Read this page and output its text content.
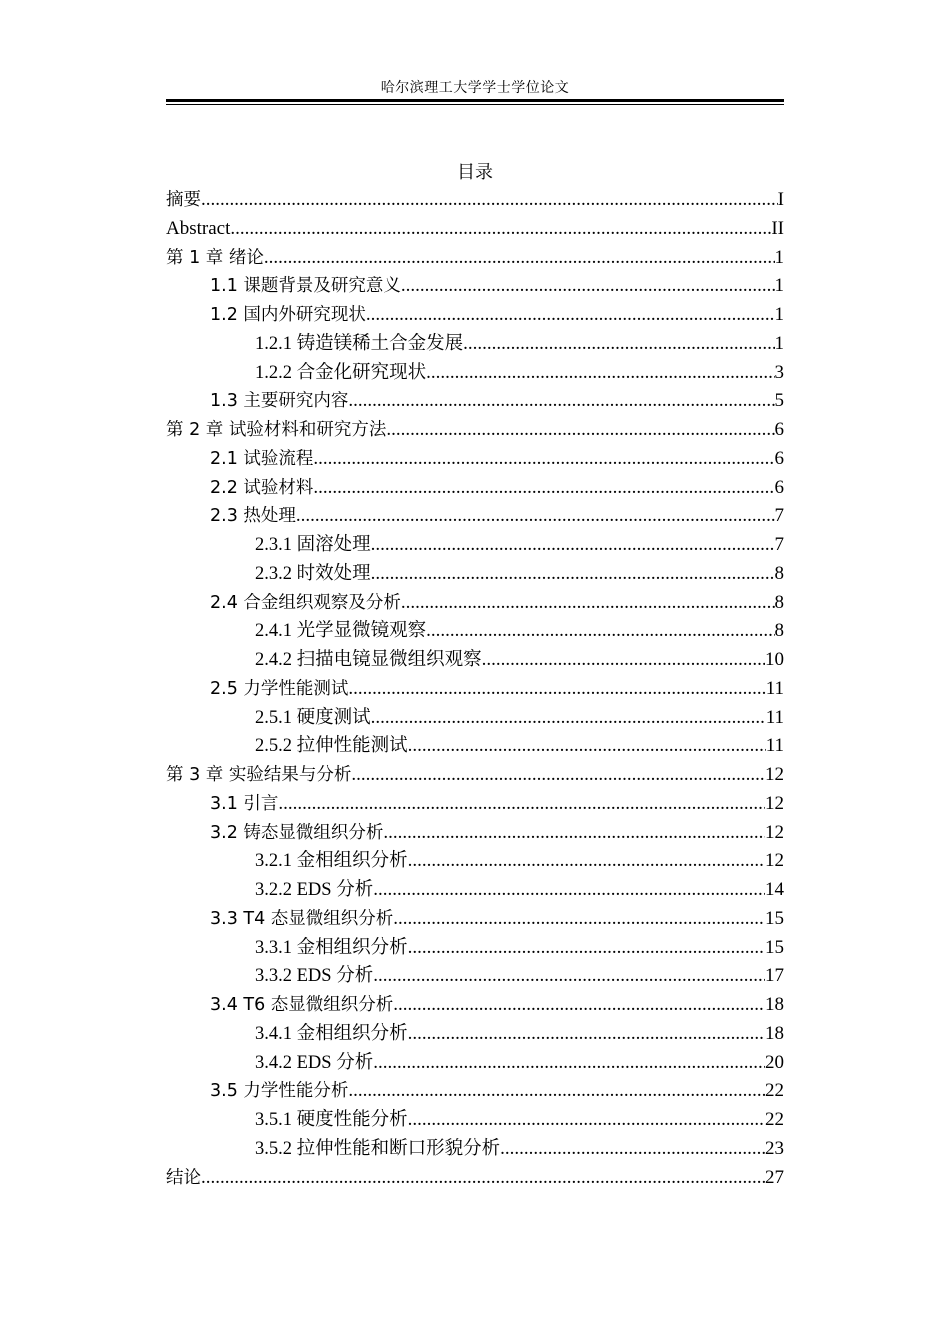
哈尔滨理工大学学士学位论文
目录
摘要 .....	I
Abstract .....	II
第 1 章 绪论 .....	1
1.1 课题背景及研究意义 .....	1
1.2 国内外研究现状 .....	1
1.2.1 铸造镁稀土合金发展 .....	1
1.2.2 合金化研究现状 .....	3
1.3 主要研究内容 .....	5
第 2 章 试验材料和研究方法 .....	6
2.1 试验流程 .....	6
2.2 试验材料 .....	6
2.3 热处理 .....	7
2.3.1 固溶处理 .....	7
2.3.2 时效处理 .....	8
2.4 合金组织观察及分析 .....	8
2.4.1 光学显微镜观察 .....	8
2.4.2 扫描电镜显微组织观察 .....	10
2.5 力学性能测试 .....	11
2.5.1 硬度测试 .....	11
2.5.2 拉伸性能测试 .....	11
第 3 章 实验结果与分析 .....	12
3.1 引言 .....	12
3.2 铸态显微组织分析 .....	12
3.2.1 金相组织分析 .....	12
3.2.2 EDS 分析 .....	14
3.3 T4 态显微组织分析 .....	15
3.3.1 金相组织分析 .....	15
3.3.2 EDS 分析 .....	17
3.4 T6 态显微组织分析 .....	18
3.4.1 金相组织分析 .....	18
3.4.2 EDS 分析 .....	20
3.5 力学性能分析 .....	22
3.5.1 硬度性能分析 .....	22
3.5.2 拉伸性能和断口形貌分析 .....	23
结论 .....	27
